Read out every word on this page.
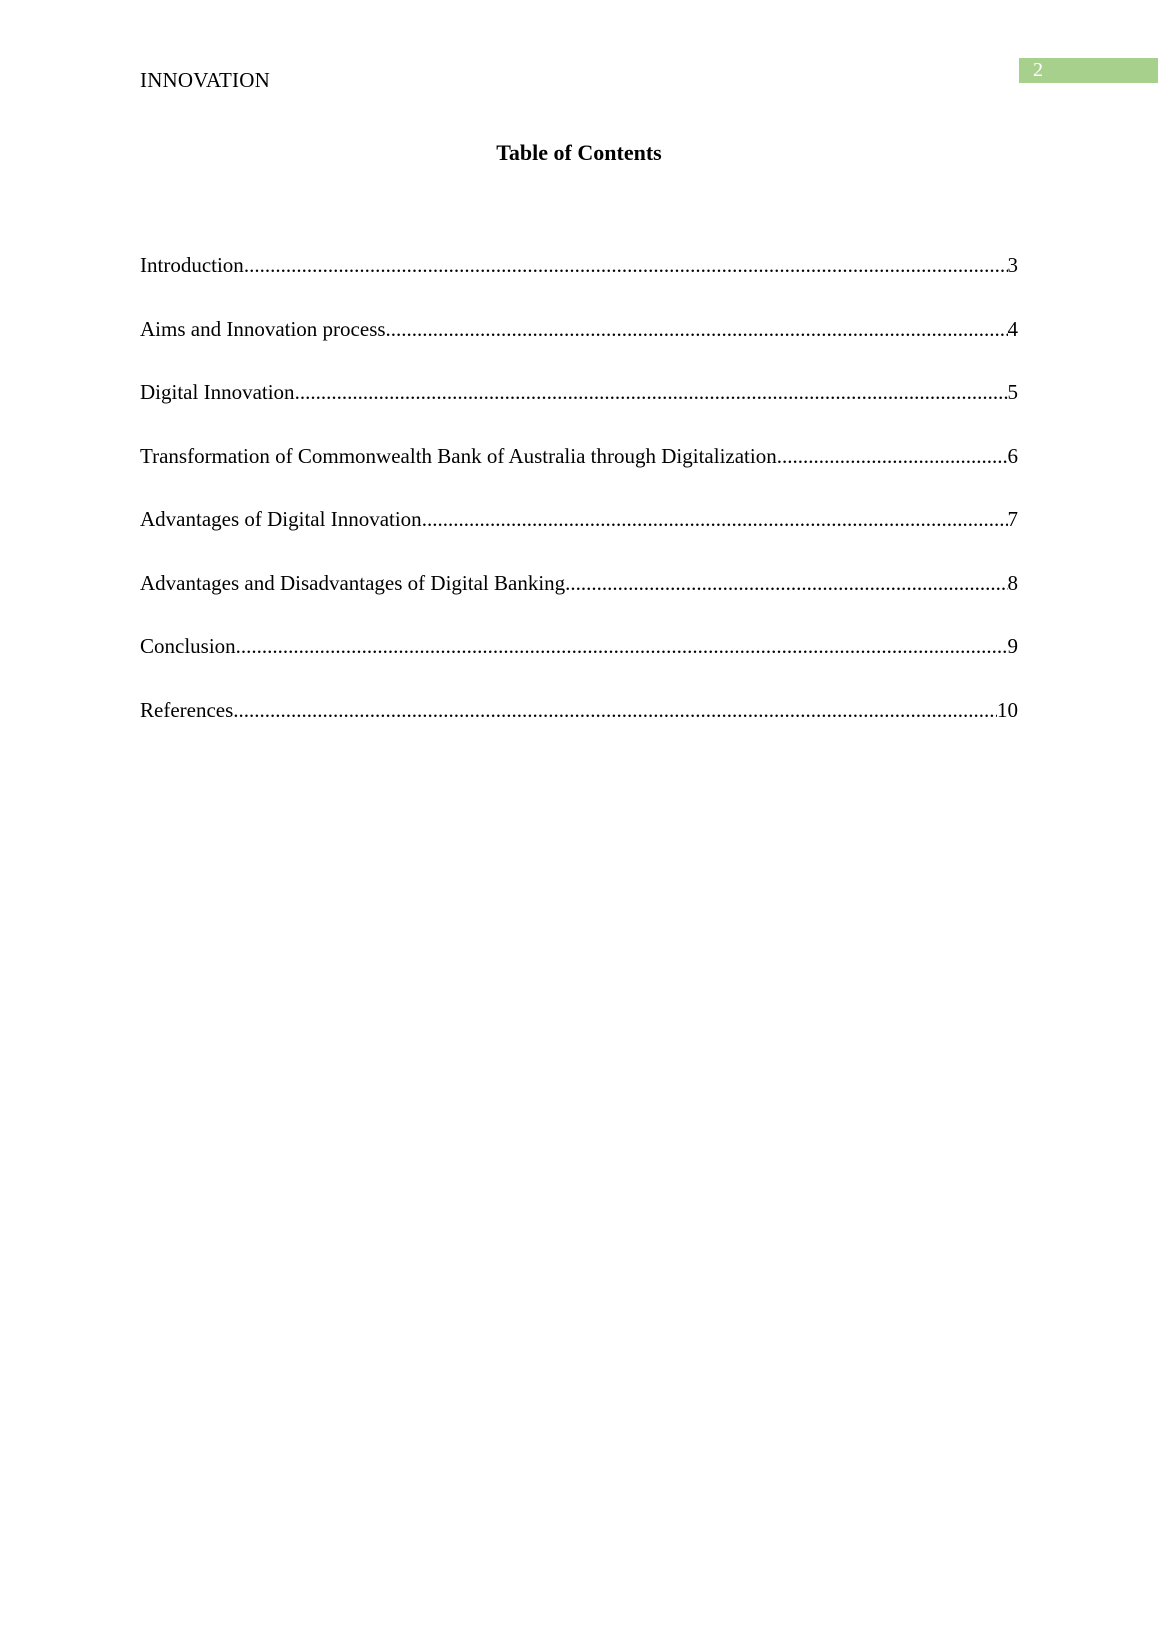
INNOVATION	2
Table of Contents
Introduction .....	3
Aims and Innovation process .....	4
Digital Innovation .....	5
Transformation of Commonwealth Bank of Australia through Digitalization .....	6
Advantages of Digital Innovation .....	7
Advantages and Disadvantages of Digital Banking .....	8
Conclusion .....	9
References .....	10
